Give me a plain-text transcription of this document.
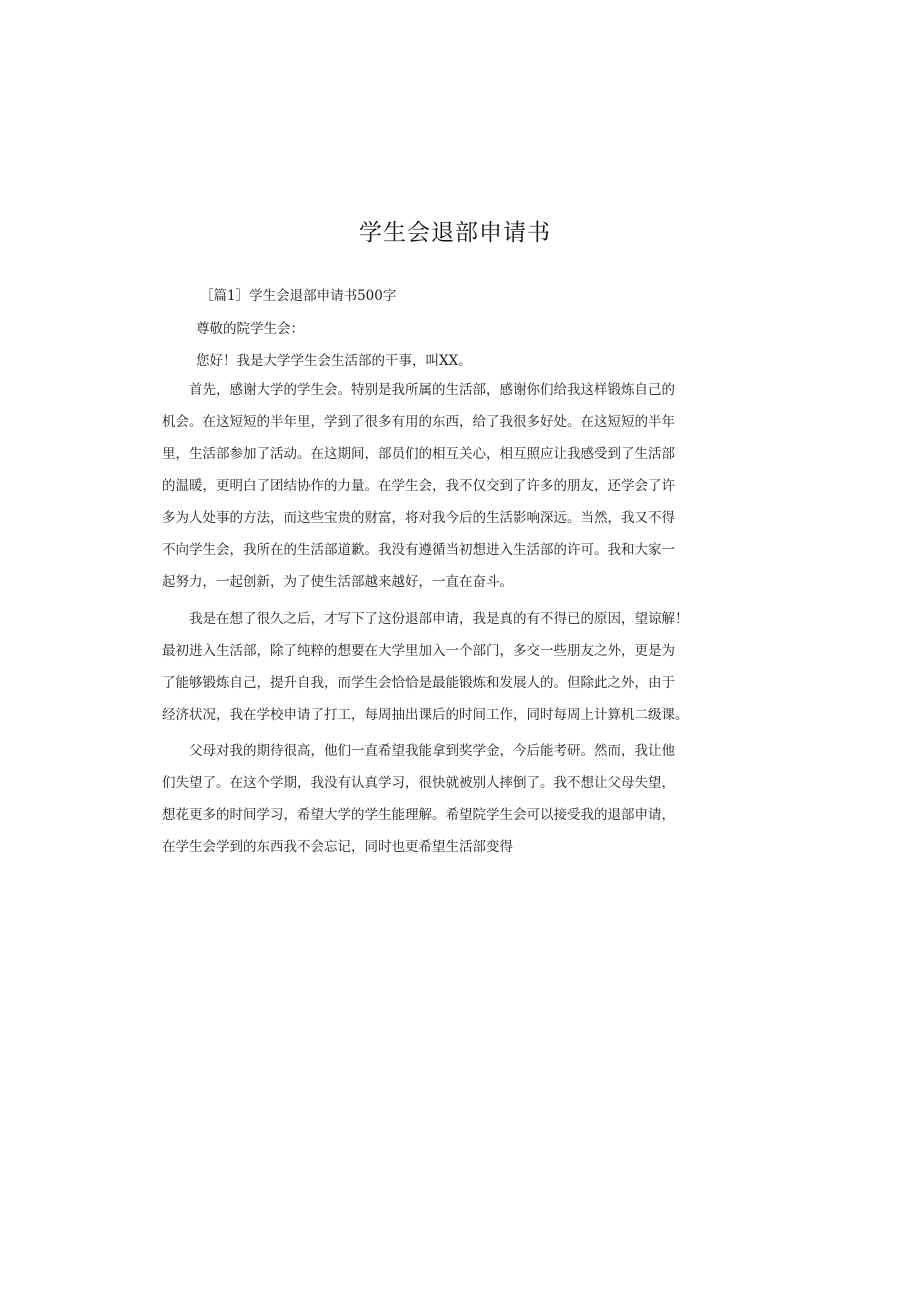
学生会退部申请书
［篇1］学生会退部申请书500字
尊敬的院学生会：
您好！我是大学学生会生活部的干事，叫XX。
　　首先，感谢大学的学生会。特别是我所属的生活部，感谢你们给我这样锻炼自己的
机会。在这短短的半年里，学到了很多有用的东西，给了我很多好处。在这短短的半年
里，生活部参加了活动。在这期间，部员们的相互关心，相互照应让我感受到了生活部
的温暖，更明白了团结协作的力量。在学生会，我不仅交到了许多的朋友，还学会了许
多为人处事的方法，而这些宝贵的财富，将对我今后的生活影响深远。当然，我又不得
不向学生会，我所在的生活部道歉。我没有遵循当初想进入生活部的许可。我和大家一
起努力，一起创新，为了使生活部越来越好，一直在奋斗。
　　我是在想了很久之后，才写下了这份退部申请，我是真的有不得已的原因，望谅解！
最初进入生活部，除了纯粹的想要在大学里加入一个部门，多交一些朋友之外，更是为
了能够锻炼自己，提升自我，而学生会恰恰是最能锻炼和发展人的。但除此之外，由于
经济状况，我在学校申请了打工，每周抽出课后的时间工作，同时每周上计算机二级课。
　　父母对我的期待很高，他们一直希望我能拿到奖学金，今后能考研。然而，我让他
们失望了。在这个学期，我没有认真学习，很快就被别人摔倒了。我不想让父母失望，
想花更多的时间学习，希望大学的学生能理解。希望院学生会可以接受我的退部申请，
在学生会学到的东西我不会忘记，同时也更希望生活部变得
